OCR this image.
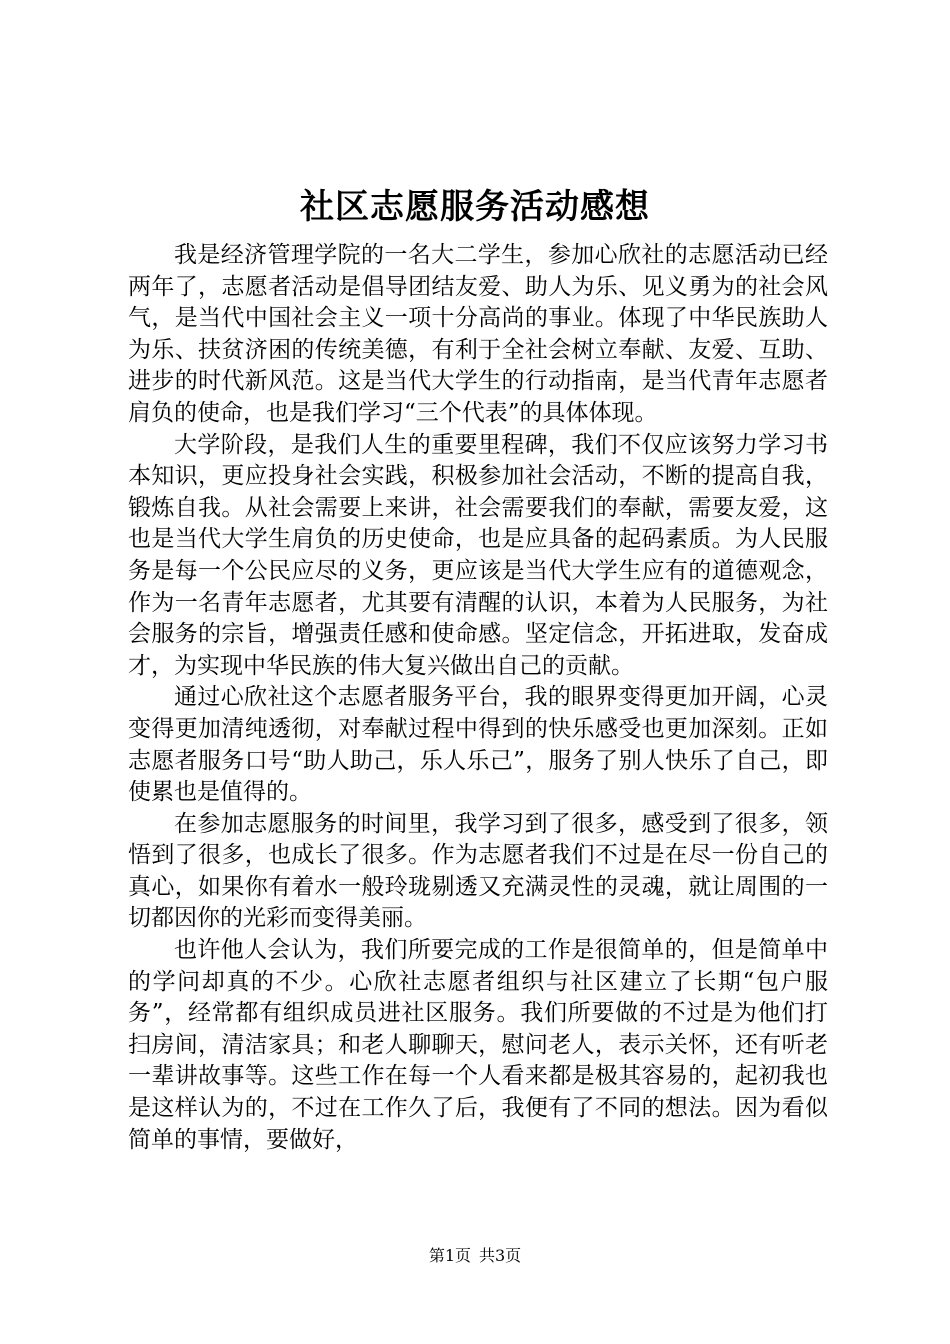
社区志愿服务活动感想

我是经济管理学院的一名大二学生，参加心欣社的志愿活动已经两年了，志愿者活动是倡导团结友爱、助人为乐、见义勇为的社会风气，是当代中国社会主义一项十分高尚的事业。体现了中华民族助人为乐、扶贫济困的传统美德，有利于全社会树立奉献、友爱、互助、进步的时代新风范。这是当代大学生的行动指南，是当代青年志愿者肩负的使命，也是我们学习“三个代表”的具体体现。

大学阶段，是我们人生的重要里程碑，我们不仅应该努力学习书本知识，更应投身社会实践，积极参加社会活动，不断的提高自我，锻炼自我。从社会需要上来讲，社会需要我们的奉献，需要友爱，这也是当代大学生肩负的历史使命，也是应具备的起码素质。为人民服务是每一个公民应尽的义务，更应该是当代大学生应有的道德观念，作为一名青年志愿者，尤其要有清醒的认识，本着为人民服务，为社会服务的宗旨，增强责任感和使命感。坚定信念，开拓进取，发奋成才，为实现中华民族的伟大复兴做出自己的贡献。

通过心欣社这个志愿者服务平台，我的眼界变得更加开阔，心灵变得更加清纯透彻，对奉献过程中得到的快乐感受也更加深刻。正如志愿者服务口号“助人助己，乐人乐己”，服务了别人快乐了自己，即使累也是值得的。

在参加志愿服务的时间里，我学习到了很多，感受到了很多，领悟到了很多，也成长了很多。作为志愿者我们不过是在尽一份自己的真心，如果你有着水一般玲珑剔透又充满灵性的灵魂，就让周围的一切都因你的光彩而变得美丽。

也许他人会认为，我们所要完成的工作是很简单的，但是简单中的学问却真的不少。心欣社志愿者组织与社区建立了长期“包户服务”，经常都有组织成员进社区服务。我们所要做的不过是为他们打扫房间，清洁家具；和老人聊聊天，慰问老人，表示关怀，还有听老一辈讲故事等。这些工作在每一个人看来都是极其容易的，起初我也是这样认为的，不过在工作久了后，我便有了不同的想法。因为看似简单的事情，要做好，

第1页 共3页
